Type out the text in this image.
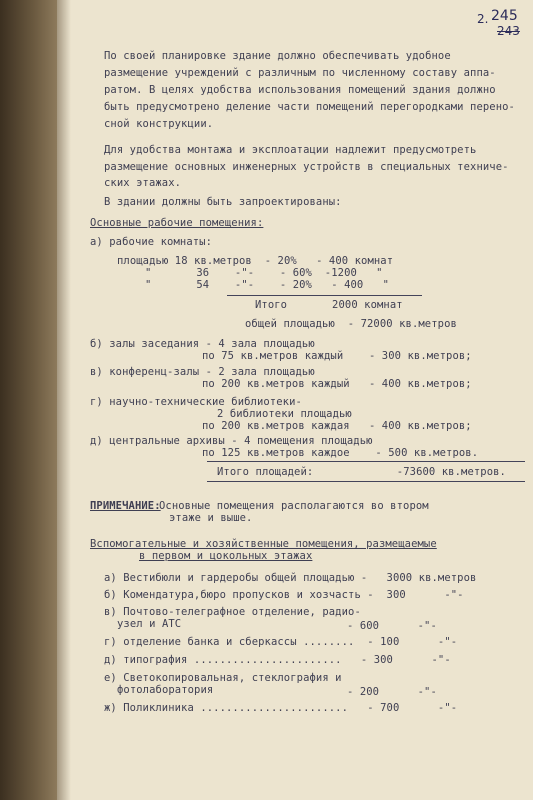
2. 245
243
По своей планировке здание должно обеспечивать удобное
размещение учреждений с различным по численному составу аппа-
ратом. В целях удобства использования помещений здания должно
быть предусмотрено деление части помещений перегородками перено-
сной конструкции.
Для удобства монтажа и эксплоатации надлежит предусмотреть
размещение основных инженерных устройств в специальных техниче-
ских этажах.
В здании должны быть запроектированы:
Основные рабочие помещения:
а) рабочие комнаты:
площадью 18 кв.метров  - 20%   - 400 комнат
"       36    -"-    - 60%  -1200   "
"       54    -"-    - 20%   - 400   "
Итого       2000 комнат
общей площадью  - 72000 кв.метров
б) залы заседания - 4 зала площадью
по 75 кв.метров каждый    - 300 кв.метров;
в) конференц-залы - 2 зала площадью
по 200 кв.метров каждый   - 400 кв.метров;
г) научно-технические библиотеки-
2 библиотеки площадью
по 200 кв.метров каждая   - 400 кв.метров;
д) центральные архивы - 4 помещения площадью
по 125 кв.метров каждое    - 500 кв.метров.
Итого площадей:             -73600 кв.метров.
ПРИМЕЧАНИЕ:
Основные помещения располагаются во втором
этаже и выше.
Вспомогательные и хозяйственные помещения, размещаемые
в первом и цокольных этажах
а) Вестибюли и гардеробы общей площадью -   3000 кв.метров
б) Комендатура,бюро пропусков и хозчасть -  300      -"-
в) Почтово-телеграфное отделение, радио-
узел и АТС	- 600      -"-
г) отделение банка и сберкассы ........  - 100      -"-
д) типография .......................   - 300      -"-
е) Светокопировальная, стеклография и
фотолаборатория	- 200      -"-
ж) Поликлиника .......................   - 700      -"-
